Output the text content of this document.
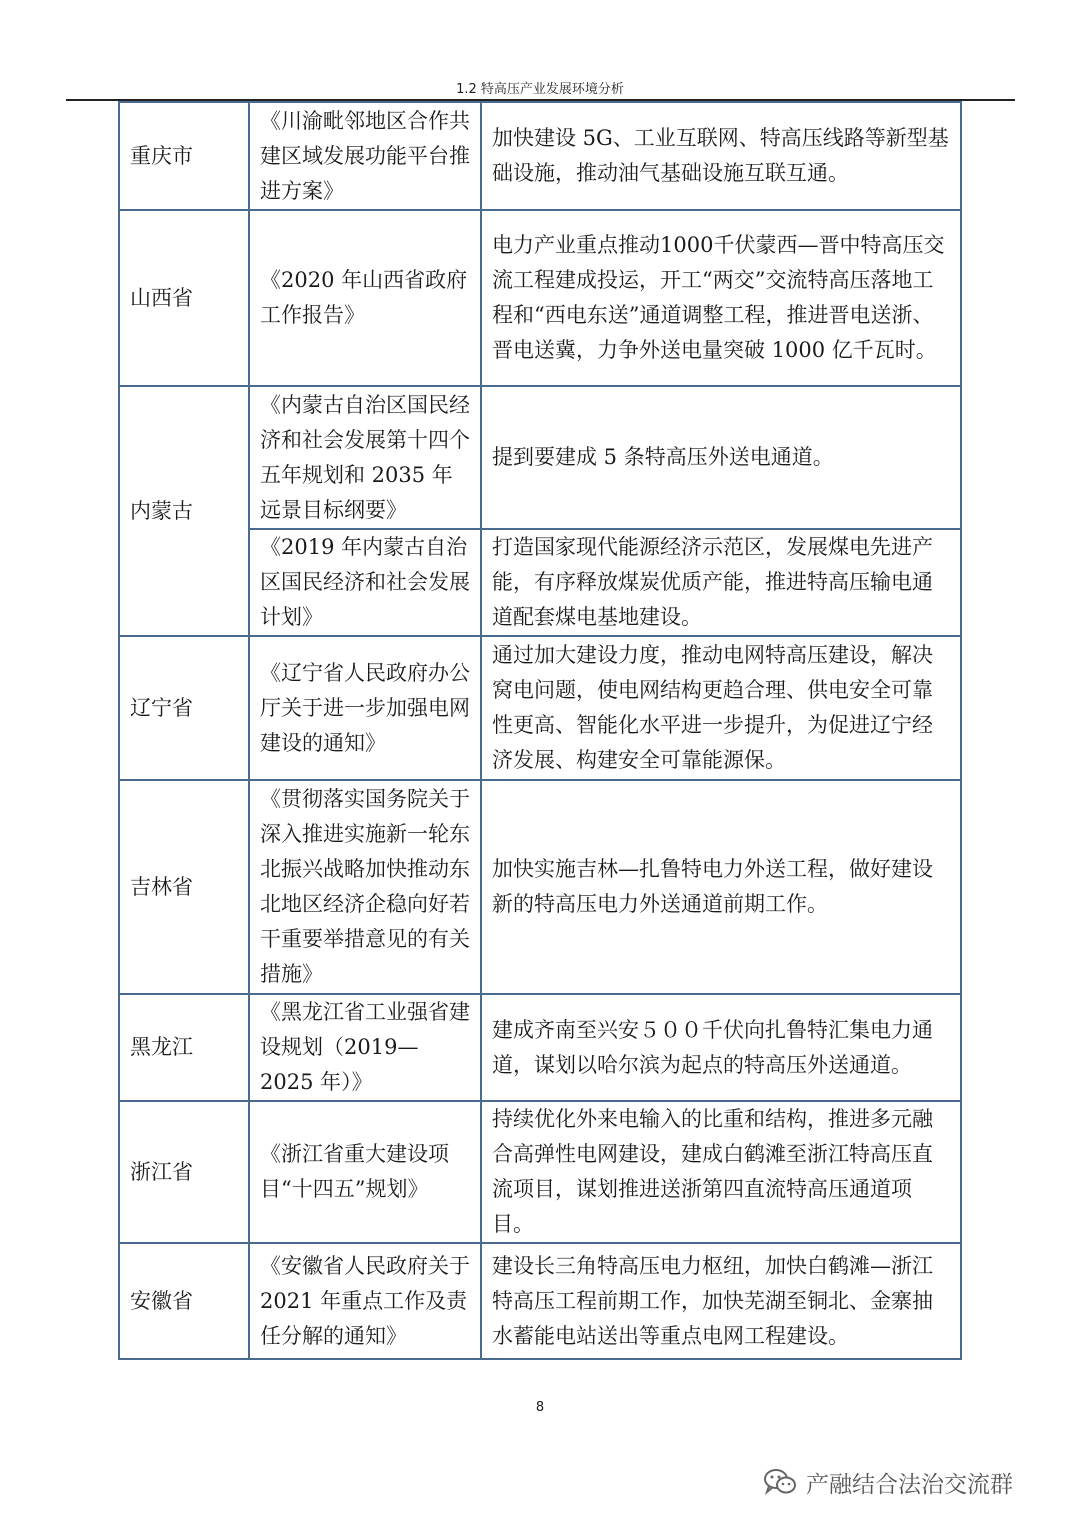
1.2 特高压产业发展环境分析
重庆市	《川渝毗邻地区合作共建区域发展功能平台推进方案》	加快建设 5G、工业互联网、特高压线路等新型基础设施，推动油气基础设施互联互通。
山西省	《2020 年山西省政府工作报告》	电力产业重点推动1000千伏蒙西—晋中特高压交流工程建成投运，开工“两交”交流特高压落地工程和“西电东送”通道调整工程，推进晋电送浙、晋电送冀，力争外送电量突破 1000 亿千瓦时。
内蒙古	《内蒙古自治区国民经济和社会发展第十四个五年规划和 2035 年远景目标纲要》	提到要建成 5 条特高压外送电通道。
	《2019 年内蒙古自治区国民经济和社会发展计划》	打造国家现代能源经济示范区，发展煤电先进产能，有序释放煤炭优质产能，推进特高压输电通道配套煤电基地建设。
辽宁省	《辽宁省人民政府办公厅关于进一步加强电网建设的通知》	通过加大建设力度，推动电网特高压建设，解决窝电问题，使电网结构更趋合理、供电安全可靠性更高、智能化水平进一步提升，为促进辽宁经济发展、构建安全可靠能源保。
吉林省	《贯彻落实国务院关于深入推进实施新一轮东北振兴战略加快推动东北地区经济企稳向好若干重要举措意见的有关措施》	加快实施吉林—扎鲁特电力外送工程，做好建设新的特高压电力外送通道前期工作。
黑龙江	《黑龙江省工业强省建设规划（2019—2025 年）》	建成齐南至兴安５００千伏向扎鲁特汇集电力通道，谋划以哈尔滨为起点的特高压外送通道。
浙江省	《浙江省重大建设项目“十四五”规划》	持续优化外来电输入的比重和结构，推进多元融合高弹性电网建设，建成白鹤滩至浙江特高压直流项目，谋划推进送浙第四直流特高压通道项目。
安徽省	《安徽省人民政府关于 2021 年重点工作及责任分解的通知》	建设长三角特高压电力枢纽，加快白鹤滩—浙江特高压工程前期工作，加快芜湖至铜北、金寨抽水蓄能电站送出等重点电网工程建设。
8
产融结合法治交流群
